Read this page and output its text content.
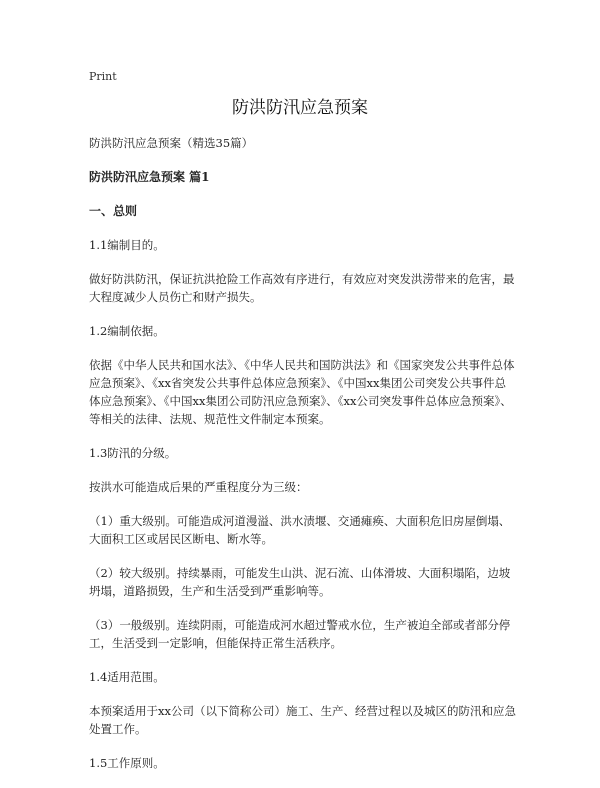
Print
防洪防汛应急预案

防洪防汛应急预案（精选35篇）

防洪防汛应急预案 篇1

一、总则

1.1编制目的。

做好防洪防汛，保证抗洪抢险工作高效有序进行，有效应对突发洪涝带来的危害，最大程度减少人员伤亡和财产损失。

1.2编制依据。

依据《中华人民共和国水法》、《中华人民共和国防洪法》和《国家突发公共事件总体应急预案》、《xx省突发公共事件总体应急预案》、《中国xx集团公司突发公共事件总体应急预案》、《中国xx集团公司防汛应急预案》、《xx公司突发事件总体应急预案》、等相关的法律、法规、规范性文件制定本预案。

1.3防汛的分级。

按洪水可能造成后果的严重程度分为三级：

（1）重大级别。可能造成河道漫溢、洪水渍堰、交通瘫痪、大面积危旧房屋倒塌、大面积工区或居民区断电、断水等。

（2）较大级别。持续暴雨，可能发生山洪、泥石流、山体滑坡、大面积塌陷，边坡坍塌，道路损毁，生产和生活受到严重影响等。

（3）一般级别。连续阴雨，可能造成河水超过警戒水位，生产被迫全部或者部分停工，生活受到一定影响，但能保持正常生活秩序。

1.4适用范围。

本预案适用于xx公司（以下简称公司）施工、生产、经营过程以及城区的防汛和应急处置工作。

1.5工作原则。
